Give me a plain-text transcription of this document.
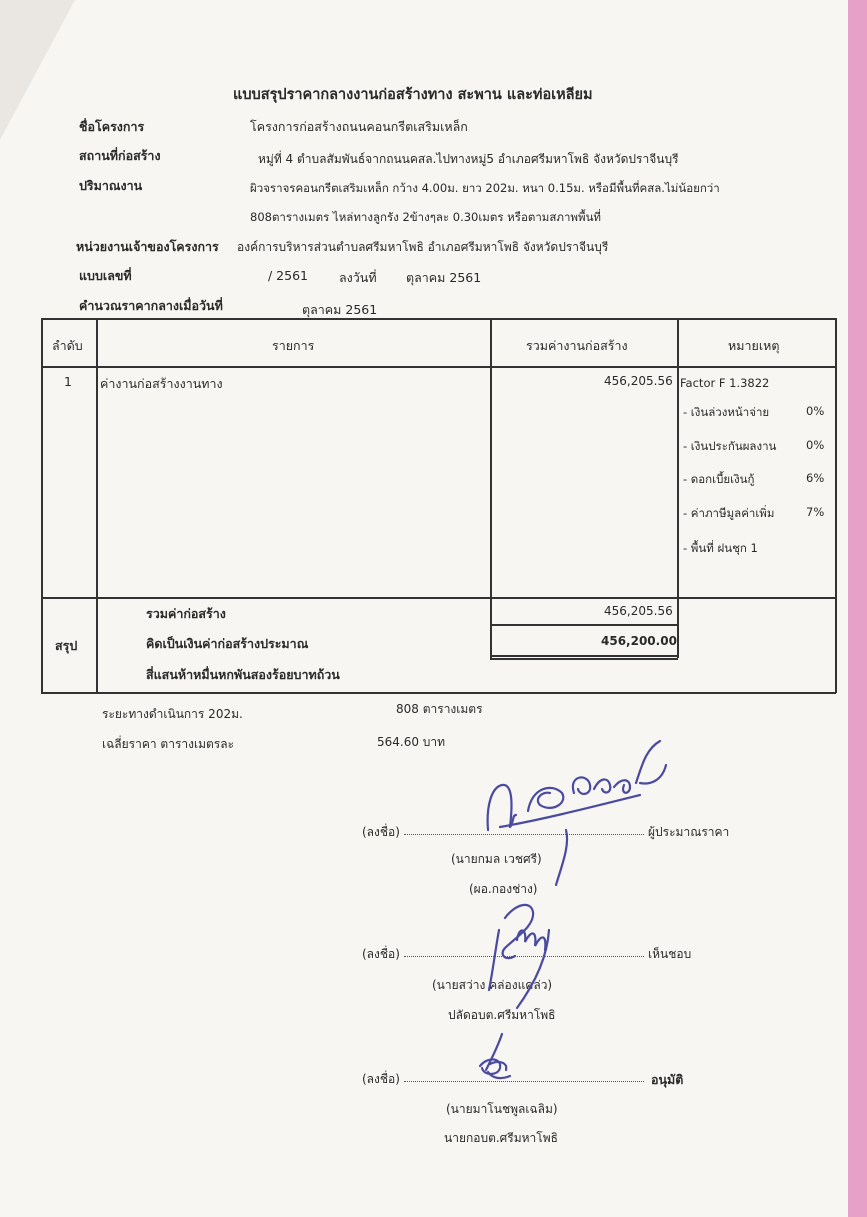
แบบสรุปราคากลางงานก่อสร้างทาง สะพาน และท่อเหลียม
ชื่อโครงการ	โครงการก่อสร้างถนนคอนกรีตเสริมเหล็ก
สถานที่ก่อสร้าง	หมู่ที่ 4 ตำบลสัมพันธ์จากถนนคสล.ไปทางหมู่5 อำเภอศรีมหาโพธิ จังหวัดปราจีนบุรี
ปริมาณงาน	ผิวจราจรคอนกรีตเสริมเหล็ก กว้าง 4.00ม. ยาว 202ม. หนา 0.15ม. หรือมีพื้นที่คสล.ไม่น้อยกว่า
808ตารางเมตร ไหล่ทางลูกรัง 2ข้างๆละ 0.30เมตร หรือตามสภาพพื้นที่
หน่วยงานเจ้าของโครงการ องค์การบริหารส่วนตำบลศรีมหาโพธิ อำเภอศรีมหาโพธิ จังหวัดปราจีนบุรี
แบบเลขที่	/ 2561 ลงวันที่ ตุลาคม 2561
คำนวณราคากลางเมื่อวันที่	ตุลาคม 2561
ลำดับ	รายการ	รวมค่างานก่อสร้าง	หมายเหตุ
1 ค่างานก่อสร้างงานทาง	456,205.56 Factor F 1.3822
- เงินล่วงหน้าจ่าย	0%
- เงินประกันผลงาน	0%
- ดอกเบี้ยเงินกู้	6%
- ค่าภาษีมูลค่าเพิ่ม	7%
- พื้นที่ ฝนชุก 1
รวมค่าก่อสร้าง	456,205.56
สรุป	คิดเป็นเงินค่าก่อสร้างประมาณ	456,200.00
สี่แสนห้าหมื่นหกพันสองร้อยบาทถ้วน
ระยะทางดำเนินการ 202ม.	808 ตารางเมตร
เฉลี่ยราคา ตารางเมตรละ	564.60 บาท
(ลงชื่อ)	ผู้ประมาณราคา
(นายกมล เวชศรี)
(ผอ.กองช่าง)
(ลงชื่อ)	เห็นชอบ
(นายสว่าง คล่องแคล่ว)
ปลัดอบต.ศรีมหาโพธิ
(ลงชื่อ)	อนุมัติ
(นายมาโนชพูลเฉลิม)
นายกอบต.ศรีมหาโพธิ
